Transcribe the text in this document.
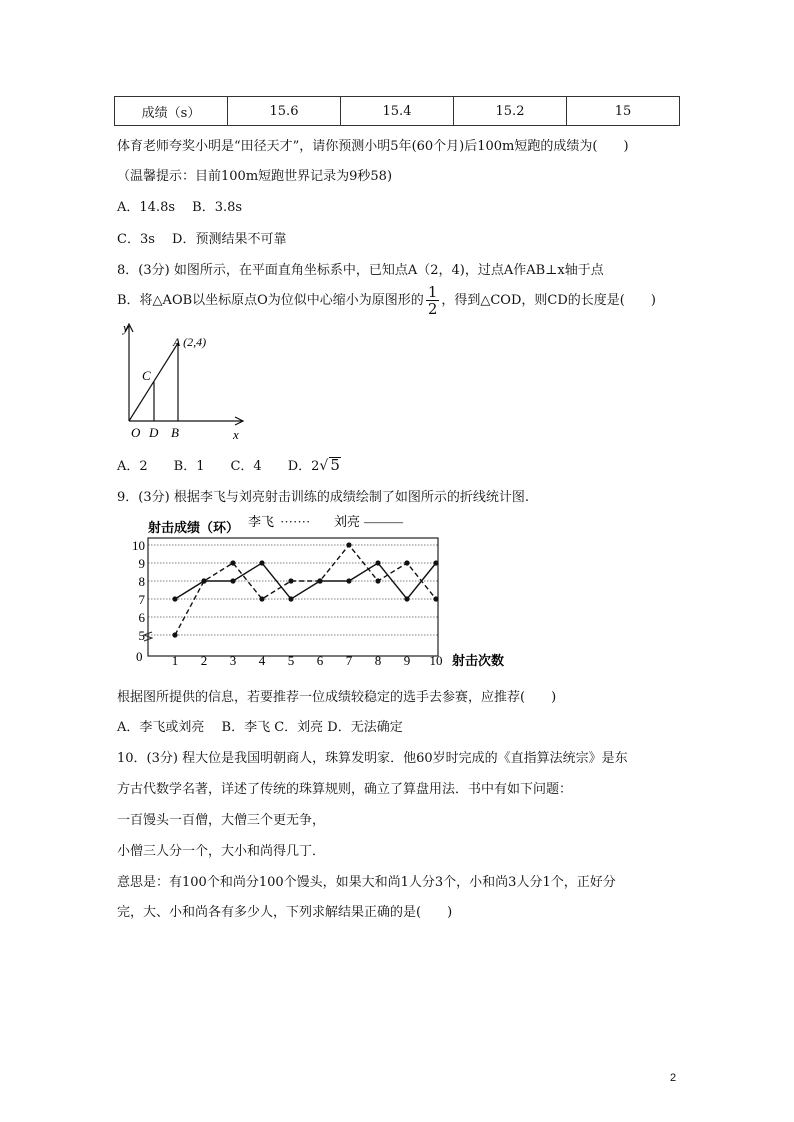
成绩（s）	15.6	15.4	15.2	15
体育老师夸奖小明是“田径天才”，请你预测小明5年(60个月)后100m短跑的成绩为(　　)
（温馨提示：目前100m短跑世界记录为9秒58)
A．14.8s　 B．3.8s
C．3s　 D．预测结果不可靠
8．(3分) 如图所示，在平面直角坐标系中，已知点A（2，4)，过点A作AB⊥x轴于点
B．将△AOB以坐标原点O为位似中心缩小为原图形的 $\frac{1}{2}$ ，得到△COD，则CD的长度是(　　)
y
x
A (2,4)
C
O D B
A．2　　B．1　　C．4　　D．2√ 5
9．(3分) 根据李飞与刘亮射击训练的成绩绘制了如图所示的折线统计图.
5
6
7
8
9
10
1 2 3 4 5 6 7 8 9 10
射击成绩（环） 李飞 ······· 刘亮 ———
射击次数
0
根据图所提供的信息，若要推荐一位成绩较稳定的选手去参赛，应推荐(　　)
A．李飞或刘亮　 B．李飞 C．刘亮 D．无法确定
10．(3分) 程大位是我国明朝商人，珠算发明家．他60岁时完成的《直指算法统宗》是东
方古代数学名著，详述了传统的珠算规则，确立了算盘用法．书中有如下问题：
一百馒头一百僧，大僧三个更无争，
小僧三人分一个，大小和尚得几丁．
意思是：有100个和尚分100个馒头，如果大和尚1人分3个，小和尚3人分1个，正好分
完，大、小和尚各有多少人，下列求解结果正确的是(　　)
2
